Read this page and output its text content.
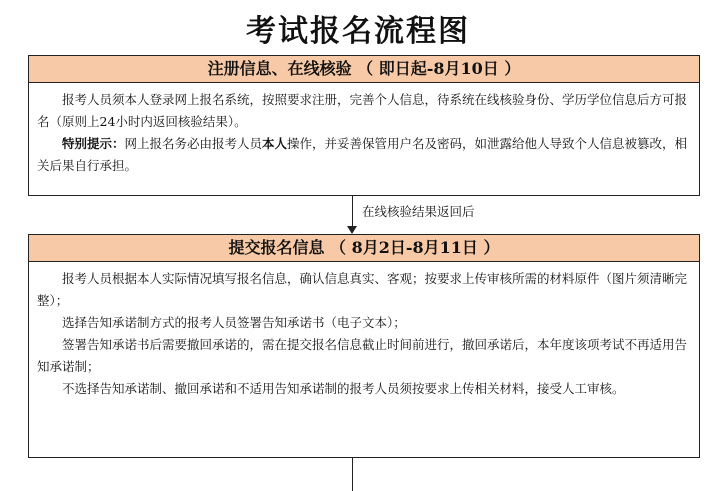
考试报名流程图
注册信息、在线核验 （ 即日起-8月10日 ）

报考人员须本人登录网上报名系统，按照要求注册，完善个人信息，待系统在线核验身份、学历学位信息后方可报名（原则上24小时内返回核验结果）。

特别提示：网上报名务必由报考人员本人操作，并妥善保管用户名及密码，如泄露给他人导致个人信息被篡改，相关后果自行承担。

在线核验结果返回后
提交报名信息 （ 8月2日-8月11日 ）

报考人员根据本人实际情况填写报名信息，确认信息真实、客观；按要求上传审核所需的材料原件（图片须清晰完整）；

选择告知承诺制方式的报考人员签署告知承诺书（电子文本）；

签署告知承诺书后需要撤回承诺的，需在提交报名信息截止时间前进行，撤回承诺后，本年度该项考试不再适用告知承诺制；

不选择告知承诺制、撤回承诺和不适用告知承诺制的报考人员须按要求上传相关材料，接受人工审核。
